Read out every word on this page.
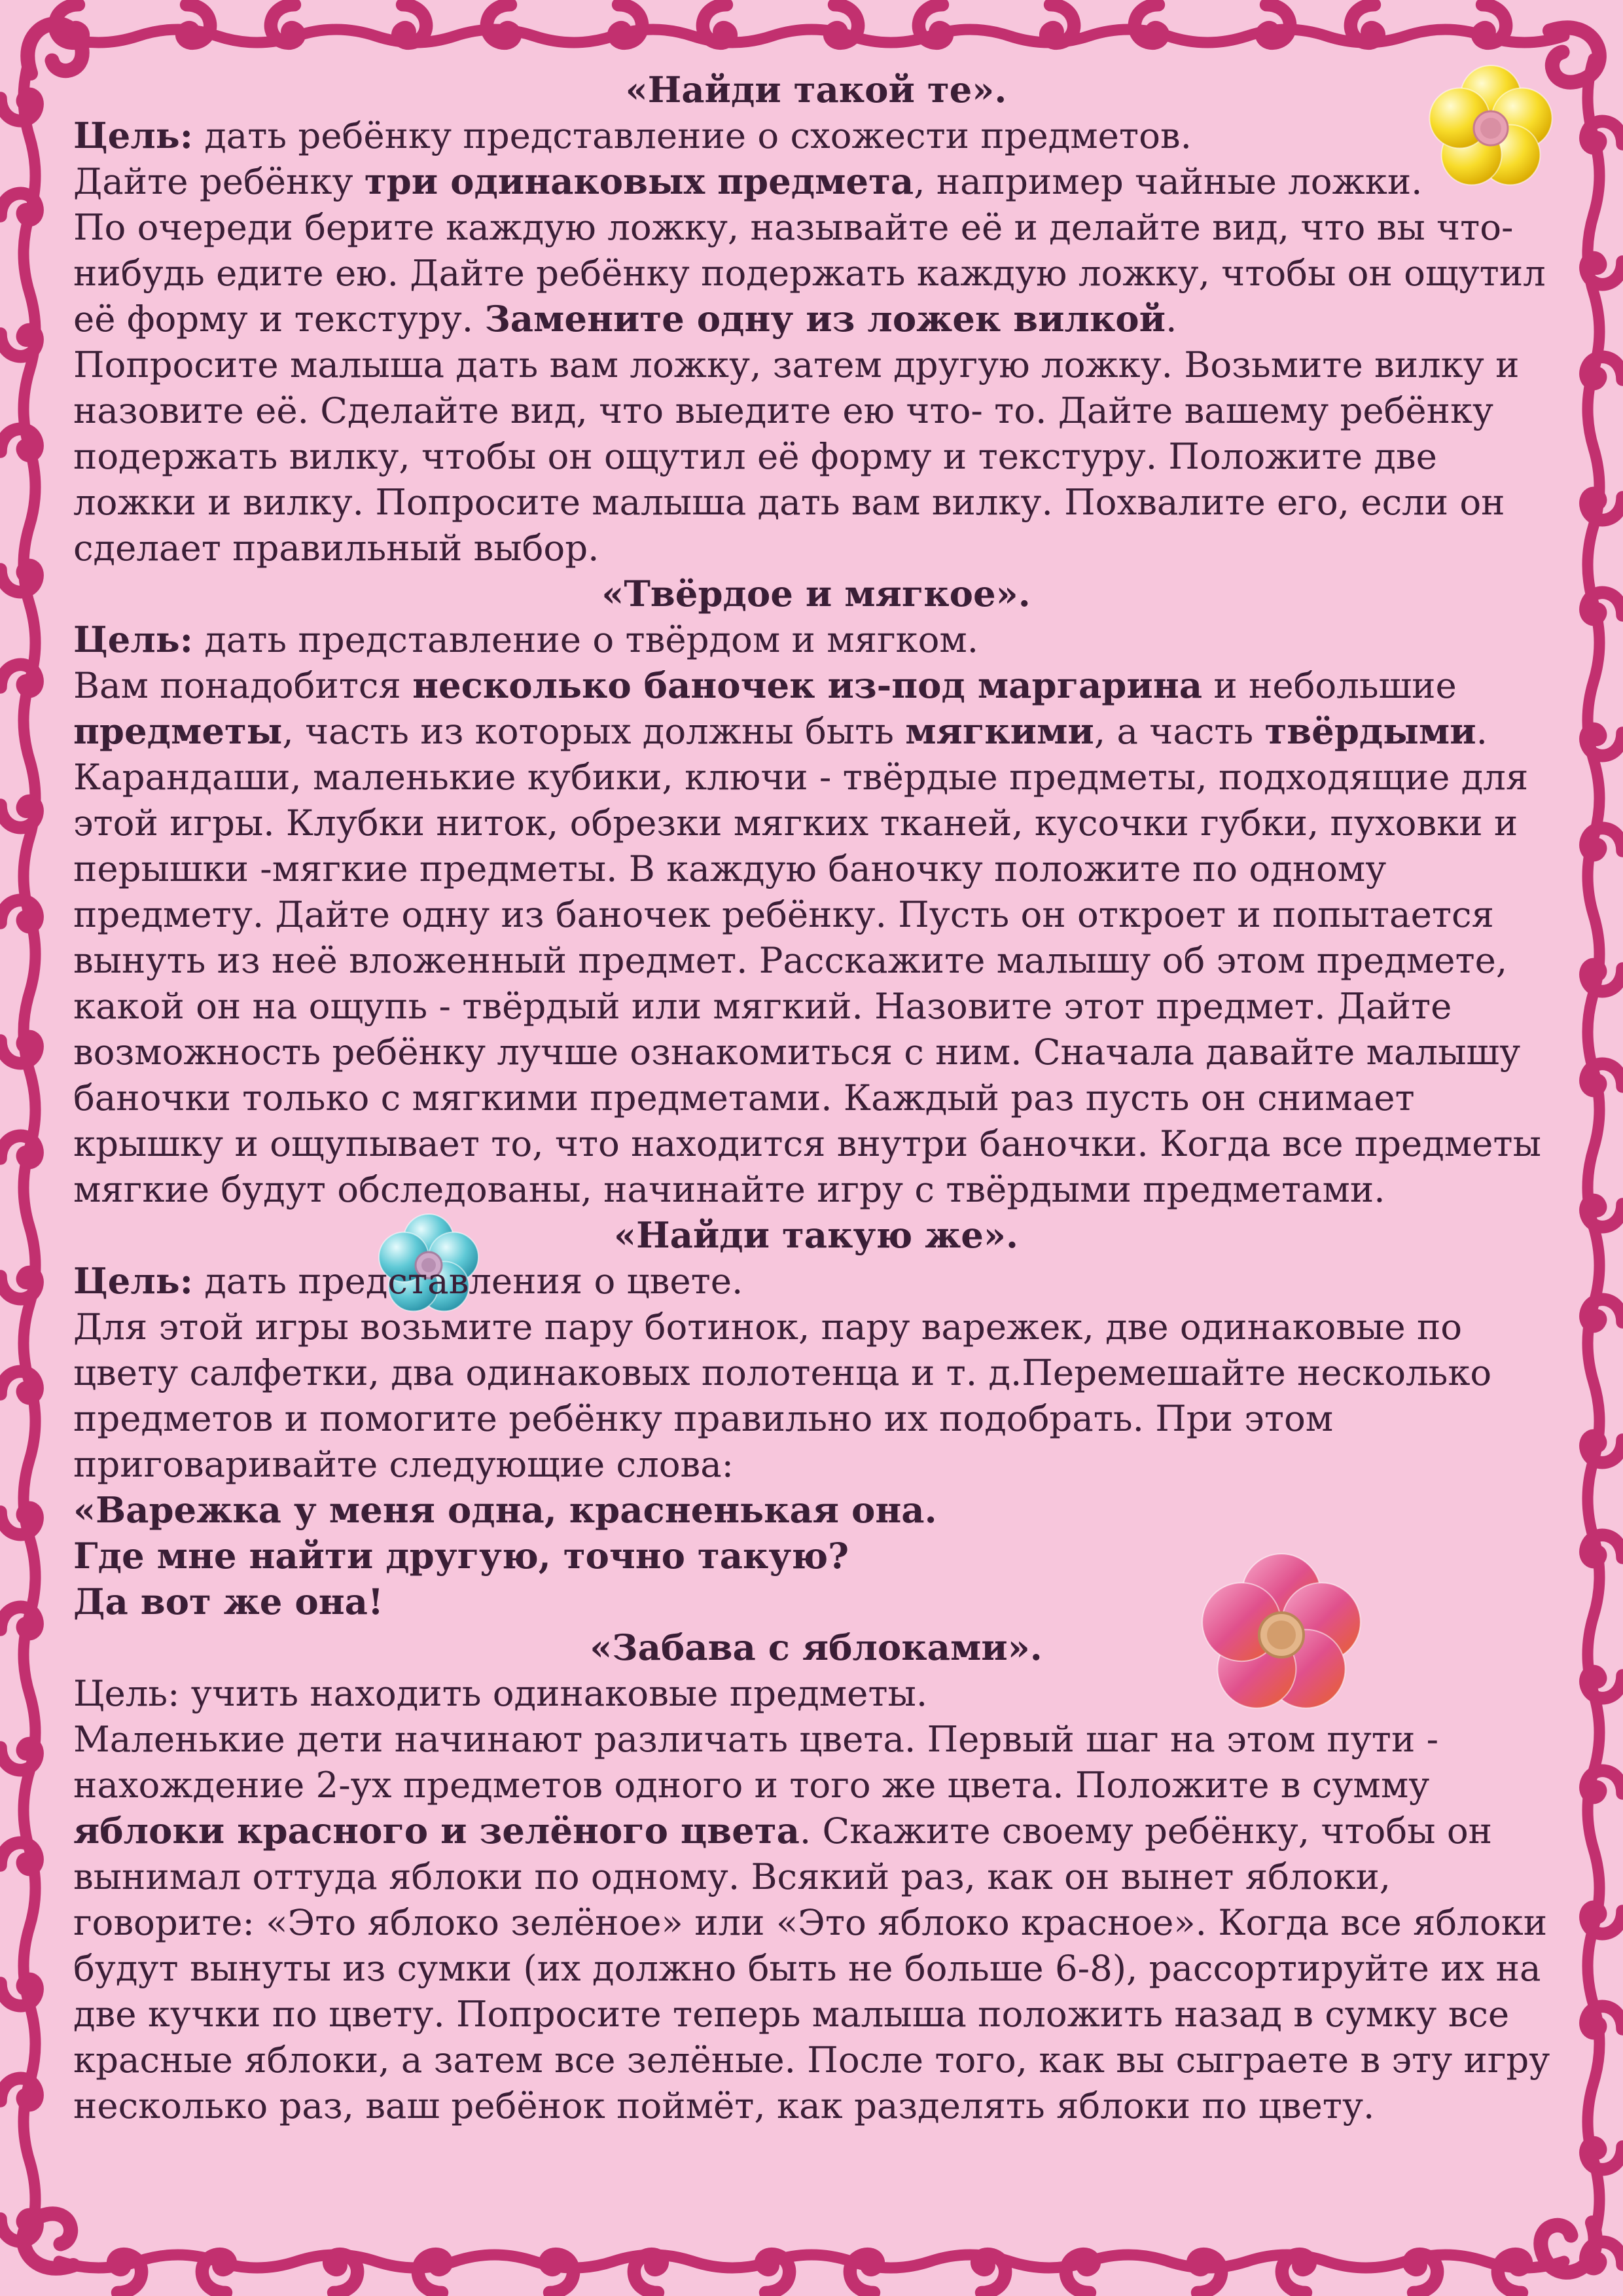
«Найди такой те».

Цель: дать ребёнку представление о схожести предметов.

Дайте ребёнку три одинаковых предмета, например чайные ложки.

По очереди берите каждую ложку, называйте её и делайте вид, что вы что-нибудь едите ею. Дайте ребёнку подержать каждую ложку, чтобы он ощутил её форму и текстуру. Замените одну из ложек вилкой.

Попросите малыша дать вам ложку, затем другую ложку. Возьмите вилку и назовите её. Сделайте вид, что выедите ею что- то. Дайте вашему ребёнку подержать вилку, чтобы он ощутил её форму и текстуру. Положите две ложки и вилку. Попросите малыша дать вам вилку. Похвалите его, если он сделает правильный выбор.

«Твёрдое и мягкое».

Цель: дать представление о твёрдом и мягком.

Вам понадобится несколько баночек из-под маргарина и небольшие предметы, часть из которых должны быть мягкими, а часть твёрдыми.

Карандаши, маленькие кубики, ключи - твёрдые предметы, подходящие для этой игры. Клубки ниток, обрезки мягких тканей, кусочки губки, пуховки и перышки -мягкие предметы. В каждую баночку положите по одному предмету. Дайте одну из баночек ребёнку. Пусть он откроет и попытается вынуть из неё вложенный предмет. Расскажите малышу об этом предмете, какой он на ощупь - твёрдый или мягкий. Назовите этот предмет. Дайте возможность ребёнку лучше ознакомиться с ним. Сначала давайте малышу баночки только с мягкими предметами. Каждый раз пусть он снимает крышку и ощупывает то, что находится внутри баночки. Когда все предметы мягкие будут обследованы, начинайте игру с твёрдыми предметами.

«Найди такую же».

Цель: дать представления о цвете.

Для этой игры возьмите пару ботинок, пару варежек, две одинаковые по цвету салфетки, два одинаковых полотенца и т. д.Перемешайте несколько предметов и помогите ребёнку правильно их подобрать. При этом приговаривайте следующие слова:

«Варежка у меня одна, красненькая она.

Где мне найти другую, точно такую?

Да вот же она!

«Забава с яблоками».

Цель: учить находить одинаковые предметы.

Маленькие дети начинают различать цвета. Первый шаг на этом пути - нахождение 2-ух предметов одного и того же цвета. Положите в сумму яблоки красного и зелёного цвета. Скажите своему ребёнку, чтобы он вынимал оттуда яблоки по одному. Всякий раз, как он вынет яблоки, говорите: «Это яблоко зелёное» или «Это яблоко красное». Когда все яблоки будут вынуты из сумки (их должно быть не больше 6-8), рассортируйте их на две кучки по цвету. Попросите теперь малыша положить назад в сумку все красные яблоки, а затем все зелёные. После того, как вы сыграете в эту игру несколько раз, ваш ребёнок поймёт, как разделять яблоки по цвету.
